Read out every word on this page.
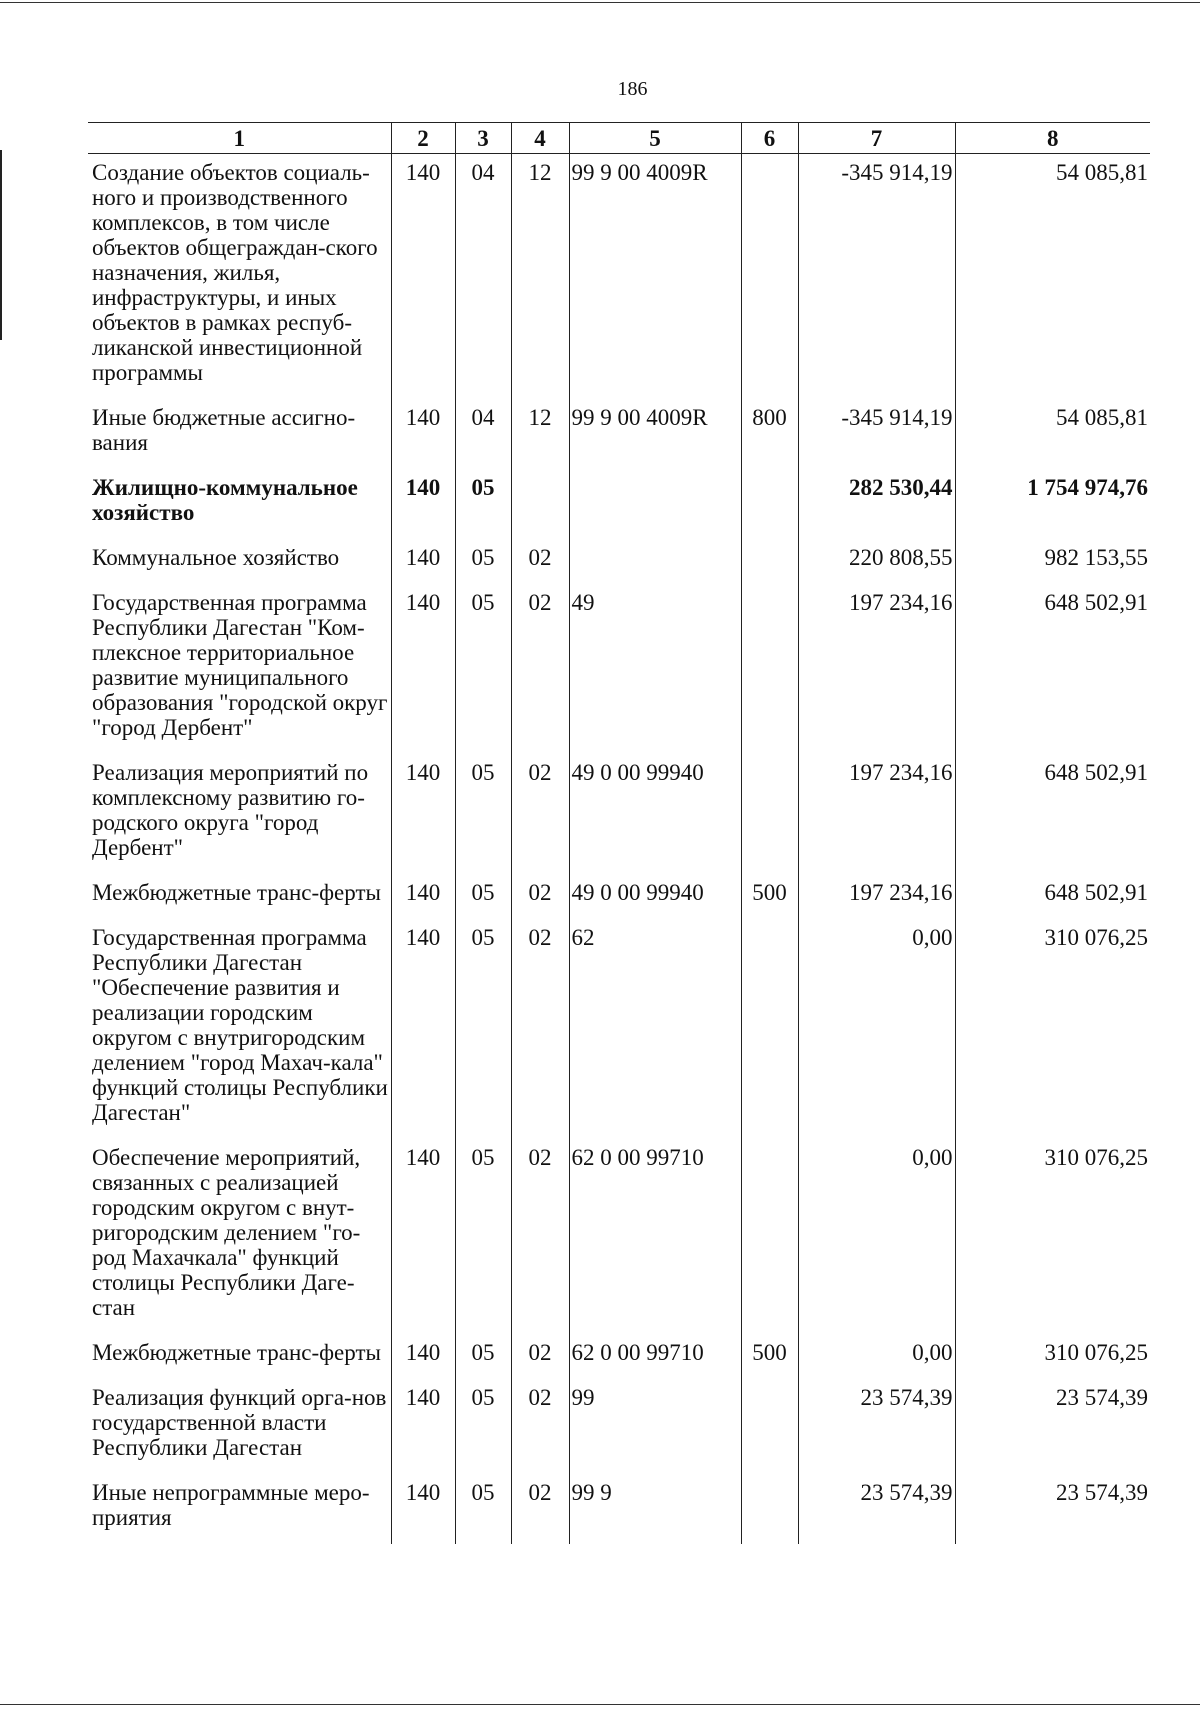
186
1	2	3	4	5	6	7	8
Создание объектов социаль-ного и производственного комплексов, в том числе объектов общеграждан-ского назначения, жилья, инфраструктуры, и иных объектов в рамках респуб-ликанской инвестиционной программы	140	04	12	99 9 00 4009R		-345 914,19	54 085,81
Иные бюджетные ассигно-вания	140	04	12	99 9 00 4009R	800	-345 914,19	54 085,81
Жилищно-коммунальное хозяйство	140	05				282 530,44	1 754 974,76
Коммунальное хозяйство	140	05	02			220 808,55	982 153,55
Государственная программа Республики Дагестан "Ком-плексное территориальное развитие муниципального образования "городской округ "город Дербент"	140	05	02	49		197 234,16	648 502,91
Реализация мероприятий по комплексному развитию го-родского округа "город Дербент"	140	05	02	49 0 00 99940		197 234,16	648 502,91
Межбюджетные транс-ферты	140	05	02	49 0 00 99940	500	197 234,16	648 502,91
Государственная программа Республики Дагестан "Обеспечение развития и реализации городским округом с внутригородским делением "город Махач-кала" функций столицы Республики Дагестан"	140	05	02	62		0,00	310 076,25
Обеспечение мероприятий, связанных с реализацией городским округом с внут-ригородским делением "го-род Махачкала" функций столицы Республики Даге-стан	140	05	02	62 0 00 99710		0,00	310 076,25
Межбюджетные транс-ферты	140	05	02	62 0 00 99710	500	0,00	310 076,25
Реализация функций орга-нов государственной власти Республики Дагестан	140	05	02	99		23 574,39	23 574,39
Иные непрограммные меро-приятия	140	05	02	99 9		23 574,39	23 574,39
